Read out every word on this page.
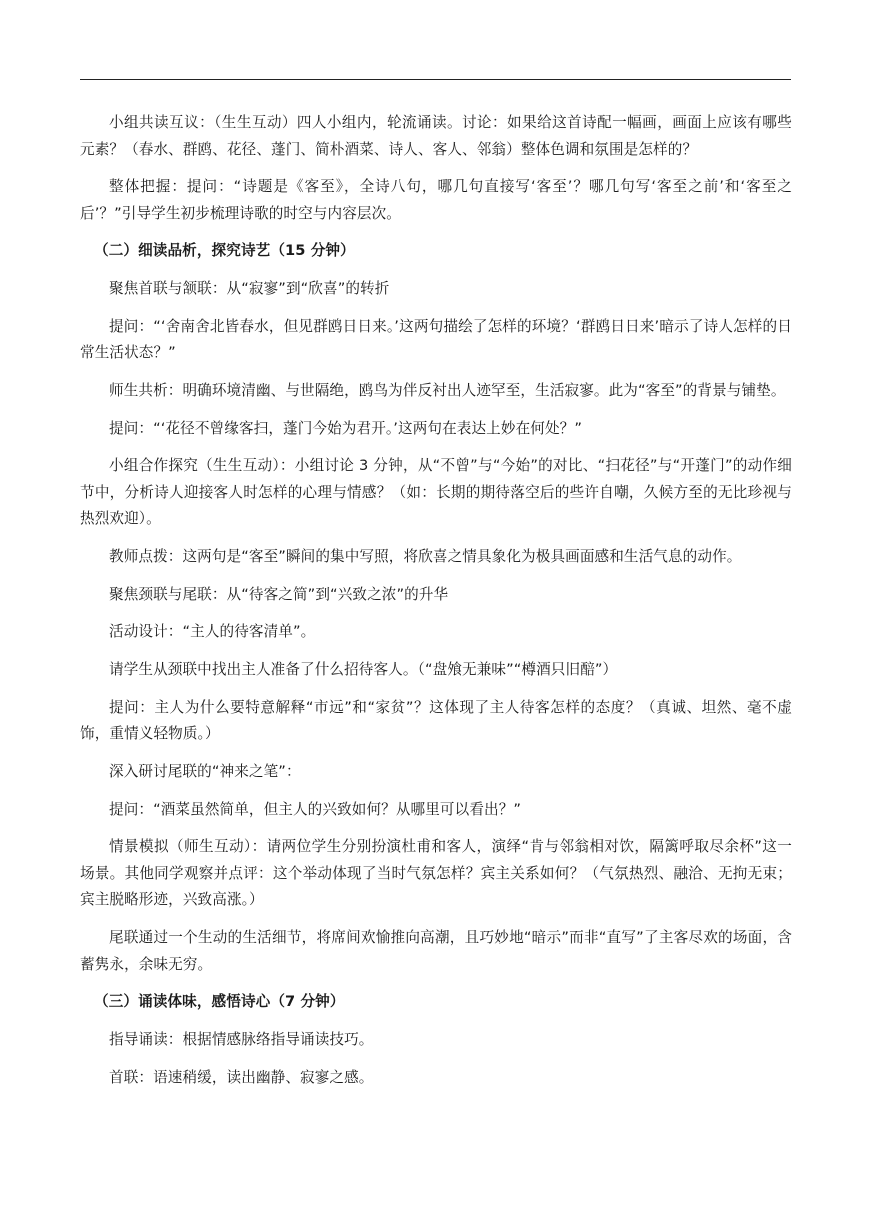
小组共读互议：（生生互动）四人小组内，轮流诵读。讨论：如果给这首诗配一幅画，画面上应该有哪些元素？（春水、群鸥、花径、蓬门、简朴酒菜、诗人、客人、邻翁）整体色调和氛围是怎样的？

整体把握：提问：“诗题是《客至》，全诗八句，哪几句直接写‘客至’？哪几句写‘客至之前’和‘客至之后’？”引导学生初步梳理诗歌的时空与内容层次。

（二）细读品析，探究诗艺（15 分钟）

聚焦首联与颔联：从“寂寥”到“欣喜”的转折

提问：“‘舍南舍北皆春水，但见群鸥日日来。’这两句描绘了怎样的环境？‘群鸥日日来’暗示了诗人怎样的日常生活状态？”

师生共析：明确环境清幽、与世隔绝，鸥鸟为伴反衬出人迹罕至，生活寂寥。此为“客至”的背景与铺垫。

提问：“‘花径不曾缘客扫，蓬门今始为君开。’这两句在表达上妙在何处？”

小组合作探究（生生互动）：小组讨论 3 分钟，从“不曾”与“今始”的对比、“扫花径”与“开蓬门”的动作细节中，分析诗人迎接客人时怎样的心理与情感？（如：长期的期待落空后的些许自嘲，久候方至的无比珍视与热烈欢迎）。

教师点拨：这两句是“客至”瞬间的集中写照，将欣喜之情具象化为极具画面感和生活气息的动作。

聚焦颈联与尾联：从“待客之简”到“兴致之浓”的升华

活动设计：“主人的待客清单”。

请学生从颈联中找出主人准备了什么招待客人。（“盘飧无兼味”“樽酒只旧醅”）

提问：主人为什么要特意解释“市远”和“家贫”？这体现了主人待客怎样的态度？（真诚、坦然、毫不虚饰，重情义轻物质。）

深入研讨尾联的“神来之笔”：

提问：“酒菜虽然简单，但主人的兴致如何？从哪里可以看出？”

情景模拟（师生互动）：请两位学生分别扮演杜甫和客人，演绎“肯与邻翁相对饮，隔篱呼取尽余杯”这一场景。其他同学观察并点评：这个举动体现了当时气氛怎样？宾主关系如何？（气氛热烈、融洽、无拘无束；宾主脱略形迹，兴致高涨。）

尾联通过一个生动的生活细节，将席间欢愉推向高潮，且巧妙地“暗示”而非“直写”了主客尽欢的场面，含蓄隽永，余味无穷。

（三）诵读体味，感悟诗心（7 分钟）

指导诵读：根据情感脉络指导诵读技巧。

首联：语速稍缓，读出幽静、寂寥之感。
